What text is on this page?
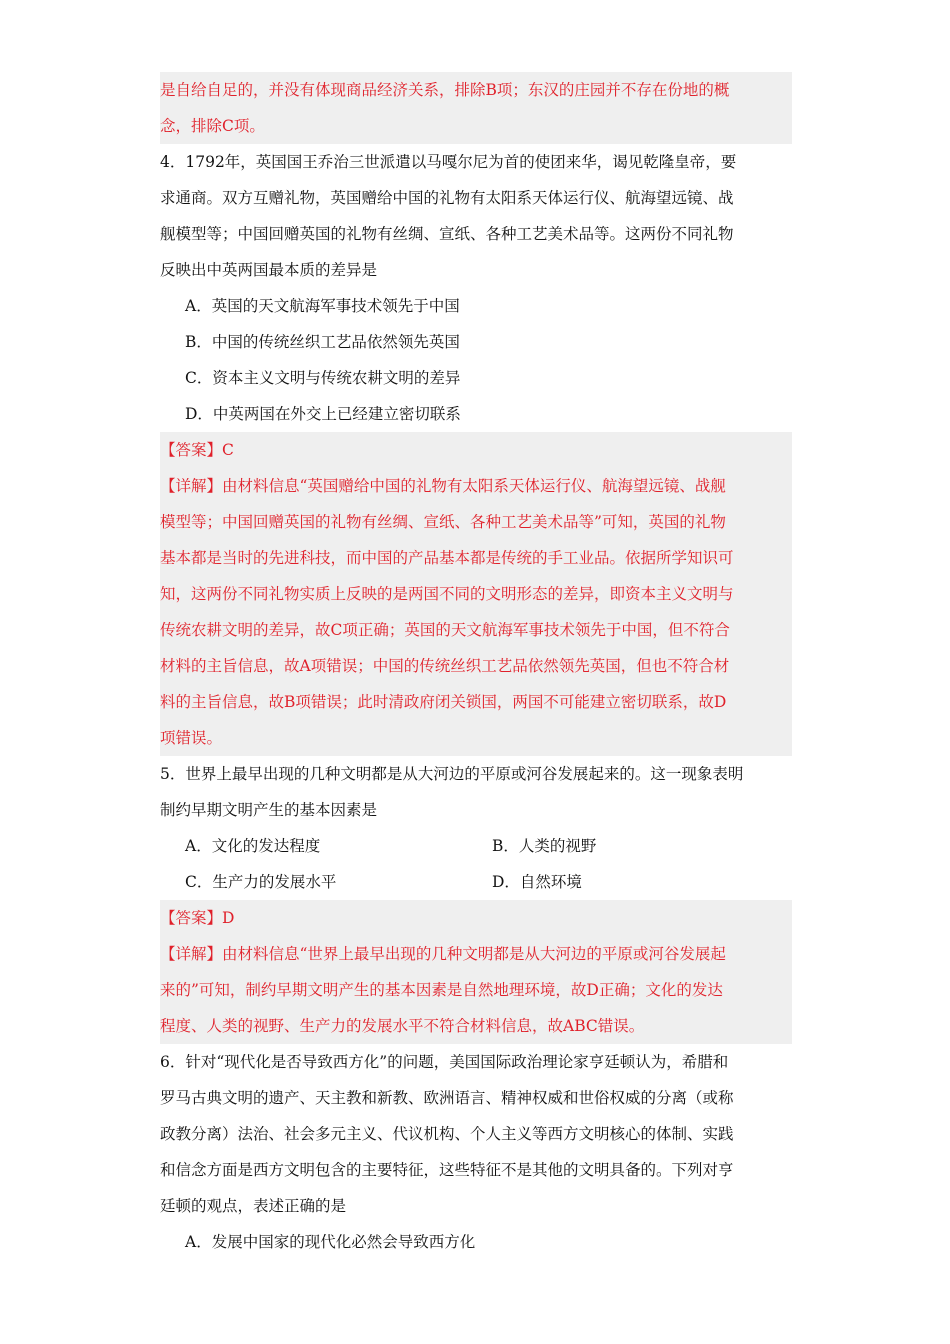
是自给自足的，并没有体现商品经济关系，排除B项；东汉的庄园并不存在份地的概
念，排除C项。
4．1792年，英国国王乔治三世派遣以马嘎尔尼为首的使团来华，谒见乾隆皇帝，要
求通商。双方互赠礼物，英国赠给中国的礼物有太阳系天体运行仪、航海望远镜、战
舰模型等；中国回赠英国的礼物有丝绸、宣纸、各种工艺美术品等。这两份不同礼物
反映出中英两国最本质的差异是
A．英国的天文航海军事技术领先于中国
B．中国的传统丝织工艺品依然领先英国
C．资本主义文明与传统农耕文明的差异
D．中英两国在外交上已经建立密切联系
【答案】C
【详解】由材料信息“英国赠给中国的礼物有太阳系天体运行仪、航海望远镜、战舰
模型等；中国回赠英国的礼物有丝绸、宣纸、各种工艺美术品等”可知，英国的礼物
基本都是当时的先进科技，而中国的产品基本都是传统的手工业品。依据所学知识可
知，这两份不同礼物实质上反映的是两国不同的文明形态的差异，即资本主义文明与
传统农耕文明的差异，故C项正确；英国的天文航海军事技术领先于中国，但不符合
材料的主旨信息，故A项错误；中国的传统丝织工艺品依然领先英国，但也不符合材
料的主旨信息，故B项错误；此时清政府闭关锁国，两国不可能建立密切联系，故D
项错误。
5．世界上最早出现的几种文明都是从大河边的平原或河谷发展起来的。这一现象表明
制约早期文明产生的基本因素是
A．文化的发达程度	B．人类的视野
C．生产力的发展水平	D．自然环境
【答案】D
【详解】由材料信息“世界上最早出现的几种文明都是从大河边的平原或河谷发展起
来的”可知，制约早期文明产生的基本因素是自然地理环境，故D正确；文化的发达
程度、人类的视野、生产力的发展水平不符合材料信息，故ABC错误。
6．针对“现代化是否导致西方化”的问题，美国国际政治理论家亨廷顿认为，希腊和
罗马古典文明的遗产、天主教和新教、欧洲语言、精神权威和世俗权威的分离（或称
政教分离）法治、社会多元主义、代议机构、个人主义等西方文明核心的体制、实践
和信念方面是西方文明包含的主要特征，这些特征不是其他的文明具备的。下列对亨
廷顿的观点，表述正确的是
A．发展中国家的现代化必然会导致西方化
